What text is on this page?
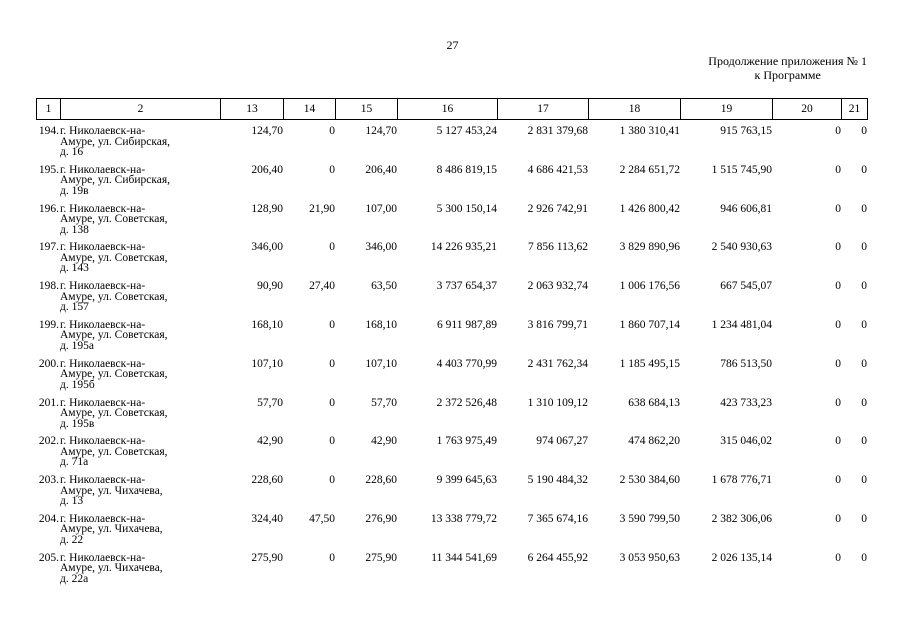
27
Продолжение приложения № 1
к Программе
1	2	13	14	15	16	17	18	19	20	21
194.	г. Николаевск-на-
Амуре, ул. Сибирская,
д. 16	124,70	0	124,70	5 127 453,24	2 831 379,68	1 380 310,41	915 763,15	0	0
195.	г. Николаевск-на-
Амуре, ул. Сибирская,
д. 19в	206,40	0	206,40	8 486 819,15	4 686 421,53	2 284 651,72	1 515 745,90	0	0
196.	г. Николаевск-на-
Амуре, ул. Советская,
д. 138	128,90	21,90	107,00	5 300 150,14	2 926 742,91	1 426 800,42	946 606,81	0	0
197.	г. Николаевск-на-
Амуре, ул. Советская,
д. 143	346,00	0	346,00	14 226 935,21	7 856 113,62	3 829 890,96	2 540 930,63	0	0
198.	г. Николаевск-на-
Амуре, ул. Советская,
д. 157	90,90	27,40	63,50	3 737 654,37	2 063 932,74	1 006 176,56	667 545,07	0	0
199.	г. Николаевск-на-
Амуре, ул. Советская,
д. 195а	168,10	0	168,10	6 911 987,89	3 816 799,71	1 860 707,14	1 234 481,04	0	0
200.	г. Николаевск-на-
Амуре, ул. Советская,
д. 195б	107,10	0	107,10	4 403 770,99	2 431 762,34	1 185 495,15	786 513,50	0	0
201.	г. Николаевск-на-
Амуре, ул. Советская,
д. 195в	57,70	0	57,70	2 372 526,48	1 310 109,12	638 684,13	423 733,23	0	0
202.	г. Николаевск-на-
Амуре, ул. Советская,
д. 71а	42,90	0	42,90	1 763 975,49	974 067,27	474 862,20	315 046,02	0	0
203.	г. Николаевск-на-
Амуре, ул. Чихачева,
д. 13	228,60	0	228,60	9 399 645,63	5 190 484,32	2 530 384,60	1 678 776,71	0	0
204.	г. Николаевск-на-
Амуре, ул. Чихачева,
д. 22	324,40	47,50	276,90	13 338 779,72	7 365 674,16	3 590 799,50	2 382 306,06	0	0
205.	г. Николаевск-на-
Амуре, ул. Чихачева,
д. 22а	275,90	0	275,90	11 344 541,69	6 264 455,92	3 053 950,63	2 026 135,14	0	0
